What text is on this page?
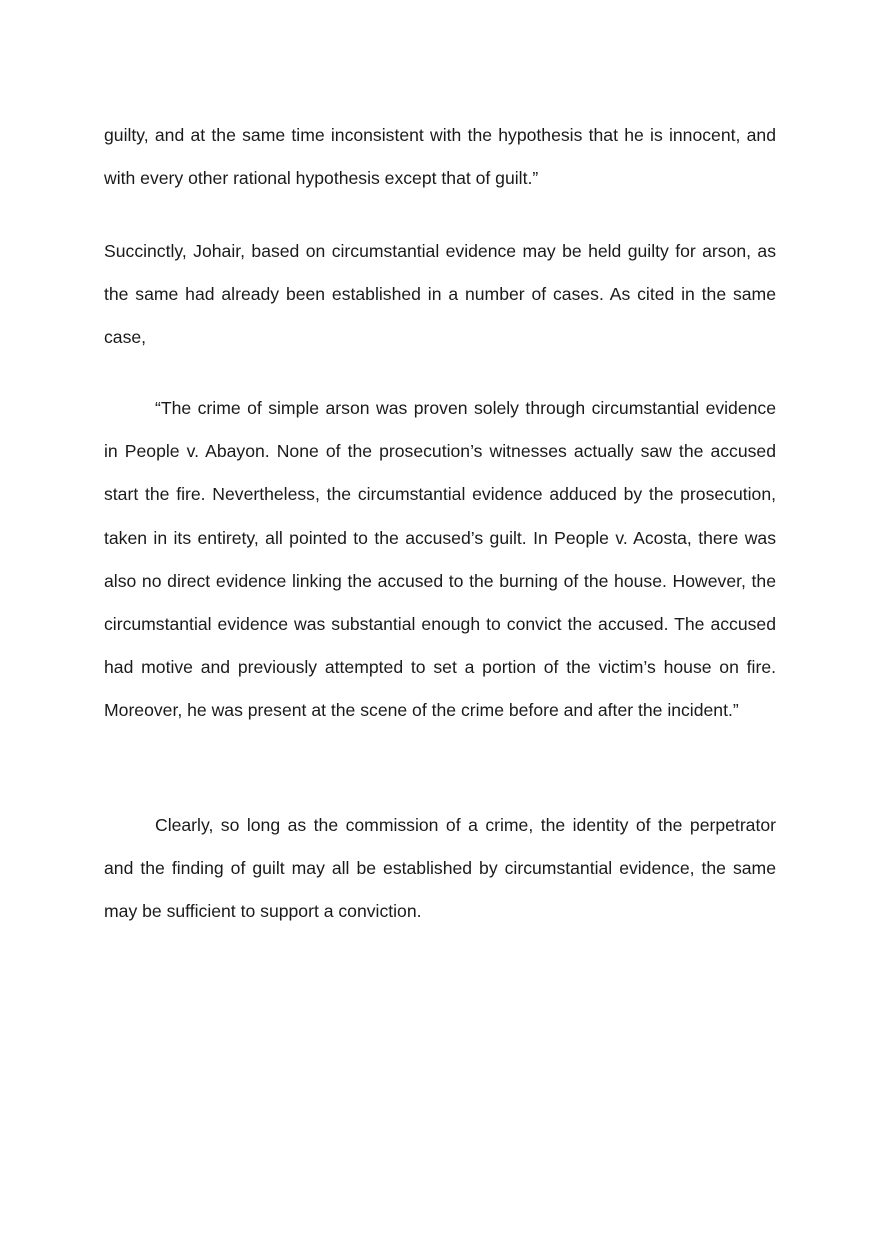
guilty, and at the same time inconsistent with the hypothesis that he is innocent, and with every other rational hypothesis except that of guilt.”

Succinctly, Johair, based on circumstantial evidence may be held guilty for arson, as the same had already been established in a number of cases. As cited in the same case,

“The crime of simple arson was proven solely through circumstantial evidence in People v. Abayon. None of the prosecution’s witnesses actually saw the accused start the fire. Nevertheless, the circumstantial evidence adduced by the prosecution, taken in its entirety, all pointed to the accused’s guilt. In People v. Acosta, there was also no direct evidence linking the accused to the burning of the house. However, the circumstantial evidence was substantial enough to convict the accused. The accused had motive and previously attempted to set a portion of the victim’s house on fire. Moreover, he was present at the scene of the crime before and after the incident.”

Clearly, so long as the commission of a crime, the identity of the perpetrator and the finding of guilt may all be established by circumstantial evidence, the same may be sufficient to support a conviction.
